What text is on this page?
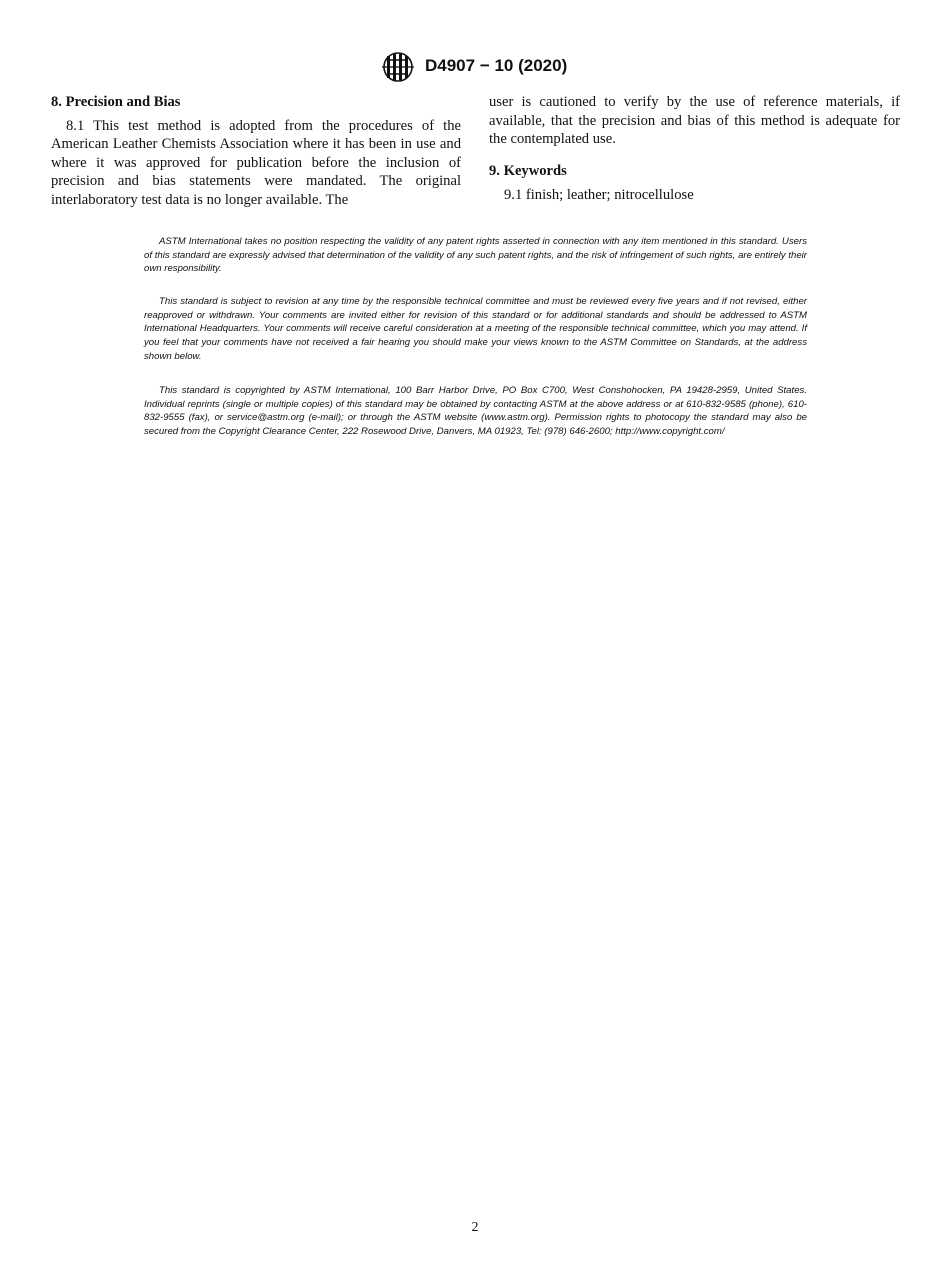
D4907 − 10 (2020)

8. Precision and Bias

8.1 This test method is adopted from the procedures of the American Leather Chemists Association where it has been in use and where it was approved for publication before the inclusion of precision and bias statements were mandated. The original interlaboratory test data is no longer available. The

user is cautioned to verify by the use of reference materials, if available, that the precision and bias of this method is adequate for the contemplated use.

9. Keywords

9.1 finish; leather; nitrocellulose

ASTM International takes no position respecting the validity of any patent rights asserted in connection with any item mentioned in this standard. Users of this standard are expressly advised that determination of the validity of any such patent rights, and the risk of infringement of such rights, are entirely their own responsibility.

This standard is subject to revision at any time by the responsible technical committee and must be reviewed every five years and if not revised, either reapproved or withdrawn. Your comments are invited either for revision of this standard or for additional standards and should be addressed to ASTM International Headquarters. Your comments will receive careful consideration at a meeting of the responsible technical committee, which you may attend. If you feel that your comments have not received a fair hearing you should make your views known to the ASTM Committee on Standards, at the address shown below.

This standard is copyrighted by ASTM International, 100 Barr Harbor Drive, PO Box C700, West Conshohocken, PA 19428-2959, United States. Individual reprints (single or multiple copies) of this standard may be obtained by contacting ASTM at the above address or at 610-832-9585 (phone), 610-832-9555 (fax), or service@astm.org (e-mail); or through the ASTM website (www.astm.org). Permission rights to photocopy the standard may also be secured from the Copyright Clearance Center, 222 Rosewood Drive, Danvers, MA 01923, Tel: (978) 646-2600; http://www.copyright.com/

2
